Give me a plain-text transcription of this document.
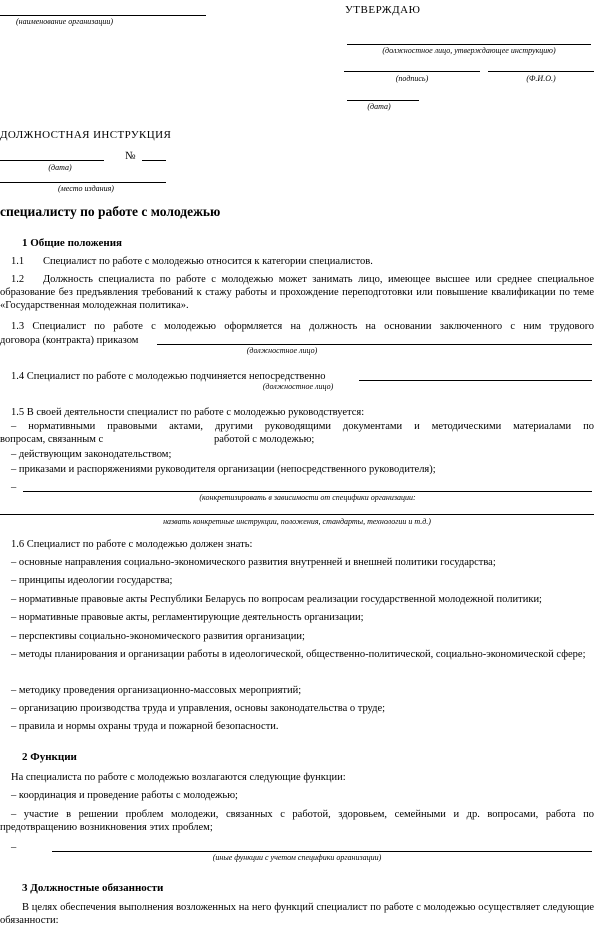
(наименование организации)
УТВЕРЖДАЮ
(должностное лицо, утверждающее инструкцию)
(подпись)	(Ф.И.О.)
(дата)
ДОЛЖНОСТНАЯ ИНСТРУКЦИЯ
№
(дата)
(место издания)
специалисту по работе с молодежью
1 Общие положения
1.1 Специалист по работе с молодежью относится к категории специалистов.
1.2	Должность специалиста по работе с молодежью может занимать лицо, имеющее высшее или среднее специальное образование без предъявления требований к стажу работы и прохождение переподготовки или повышение квалификации по теме «Государственная молодежная политика».
1.3 Специалист по работе с молодежью оформляется на должность на основании заключенного с ним трудового
договора (контракта) приказом
(должностное лицо)
1.4 Специалист по работе с молодежью подчиняется непосредственно
(должностное лицо)
1.5 В своей деятельности специалист по работе с молодежью руководствуется:
– нормативными правовыми актами, другими руководящими документами и методическими материалами по
вопросам, связанным с	работой с молодежью;
– действующим законодательством;
– приказами и распоряжениями руководителя организации (непосредственного руководителя);
–
(конкретизировать в зависимости от специфики организации:
назвать конкретные инструкции, положения, стандарты, технологии и т.д.)
1.6 Специалист по работе с молодежью должен знать:
– основные направления социально-экономического развития внутренней и внешней политики государства;
– принципы идеологии государства;
– нормативные правовые акты Республики Беларусь по вопросам реализации государственной молодежной политики;
– нормативные правовые акты, регламентирующие деятельность организации;
– перспективы социально-экономического развития организации;
– методы планирования и организации работы в идеологической, общественно-политической, социально-экономической сфере;
– методику проведения организационно-массовых мероприятий;
– организацию производства труда и управления, основы законодательства о труде;
– правила и нормы охраны труда и пожарной безопасности.
2 Функции
На специалиста по работе с молодежью возлагаются следующие функции:
– координация и проведение работы с молодежью;
– участие в решении проблем молодежи, связанных с работой, здоровьем, семейными и др. вопросами, работа по предотвращению возникновения этих проблем;
–
(иные функции с учетом специфики организации)
3 Должностные обязанности
В целях обеспечения выполнения возложенных на него функций специалист по работе с молодежью осуществляет следующие обязанности:
